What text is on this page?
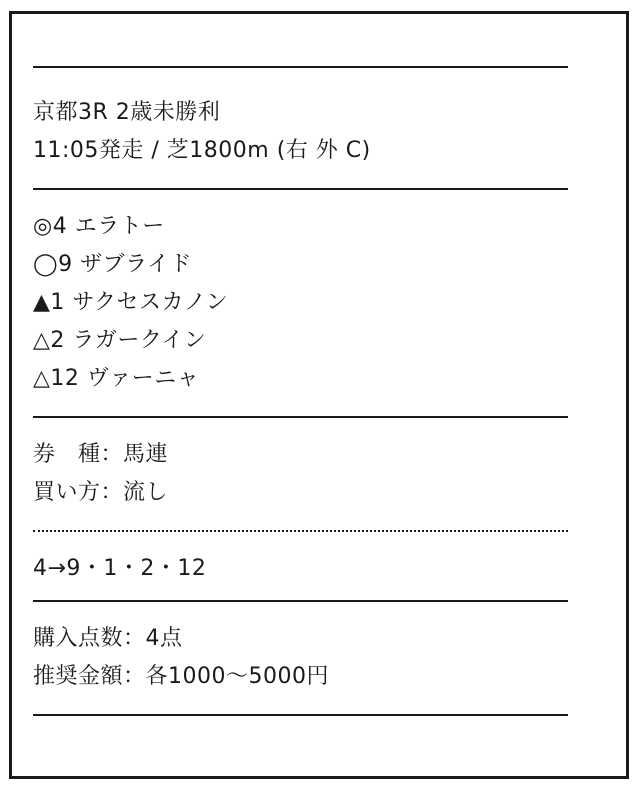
京都3R 2歳未勝利
11:05発走 / 芝1800m (右 外 C)
◎4 エラトー
◯9 ザブライド
▲1 サクセスカノン
△2 ラガークイン
△12 ヴァーニャ
券　種：馬連
買い方：流し
4→9・1・2・12
購入点数：4点
推奨金額：各1000〜5000円
